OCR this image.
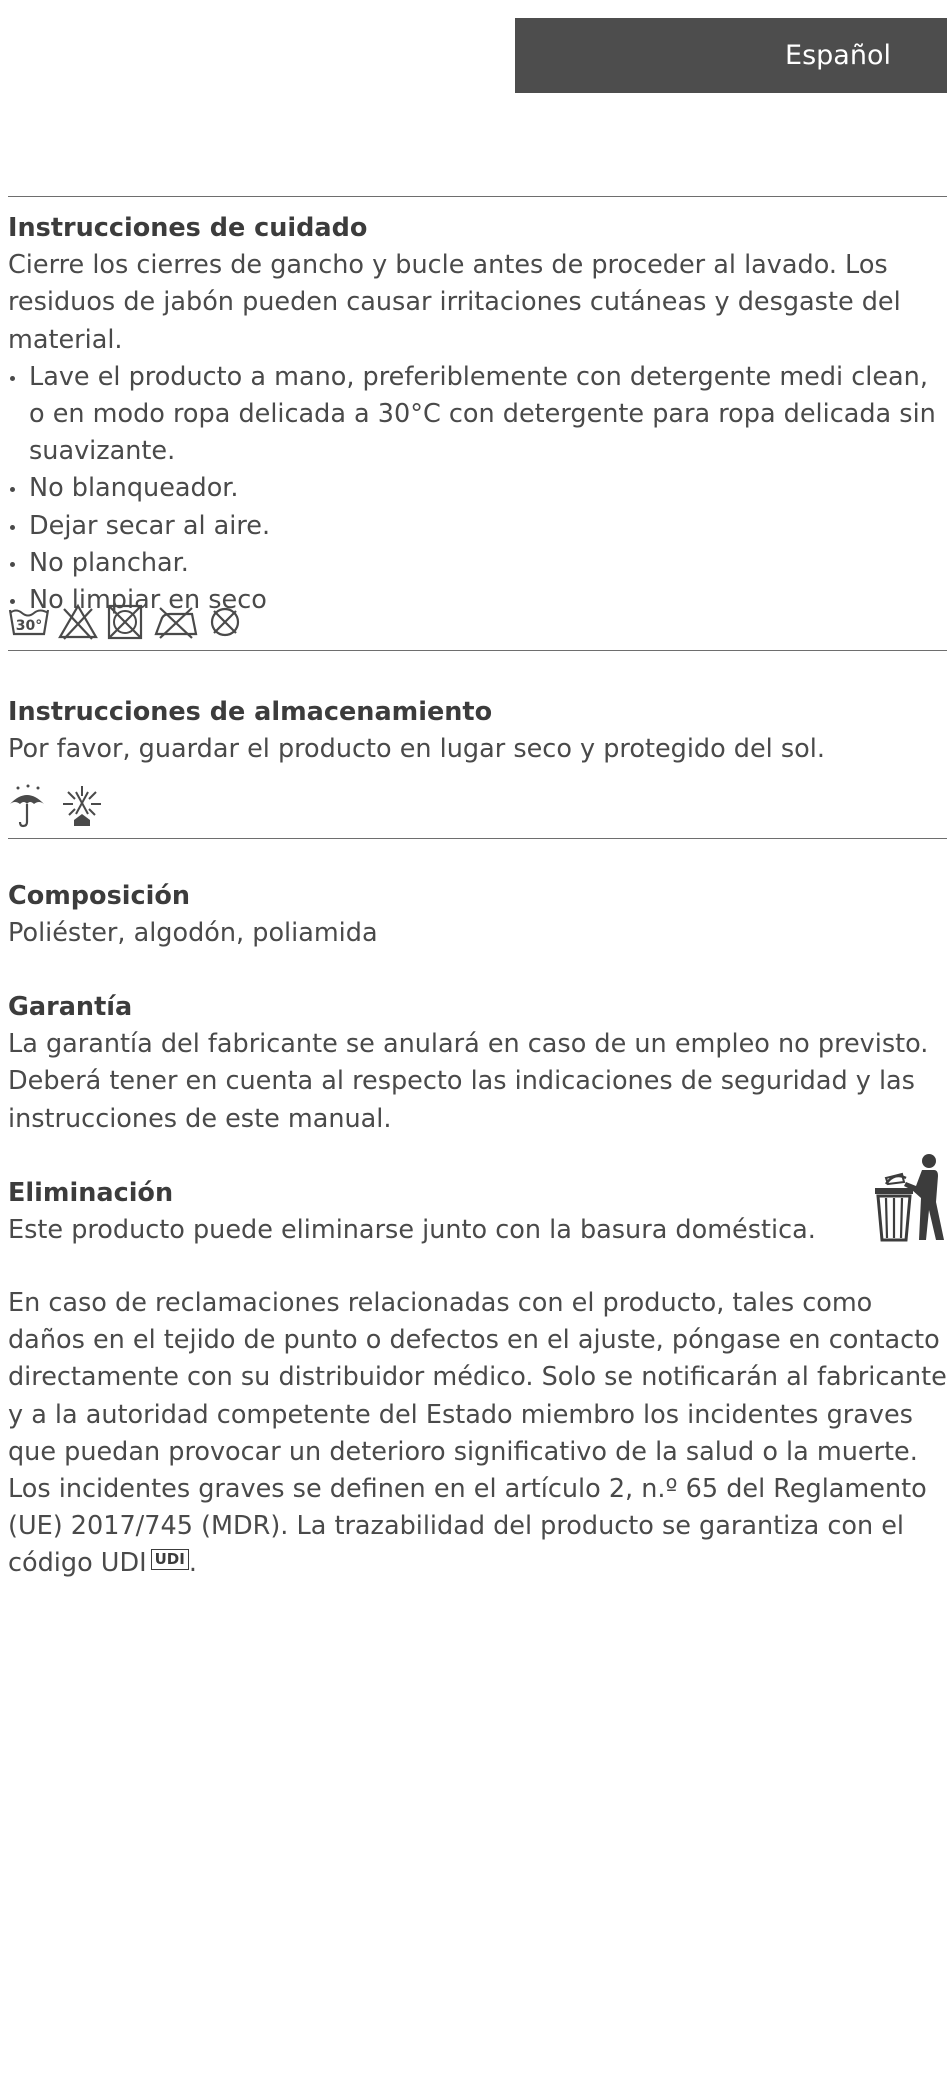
Español
Instrucciones de cuidado
Cierre los cierres de gancho y bucle antes de proceder al lavado. Los residuos de jabón pueden causar irritaciones cutáneas y desgaste del material.
Lave el producto a mano, preferiblemente con detergente medi clean, o en modo ropa delicada a 30°C con detergente para ropa delicada sin suavizante.
No blanqueador.
Dejar secar al aire.
No planchar.
No limpiar en seco
30°
Instrucciones de almacenamiento
Por favor, guardar el producto en lugar seco y protegido del sol.
Composición
Poliéster, algodón, poliamida
Garantía
La garantía del fabricante se anulará en caso de un empleo no previsto. Deberá tener en cuenta al respecto las indicaciones de seguridad y las instrucciones de este manual.
Eliminación
Este producto puede eliminarse junto con la basura doméstica.
En caso de reclamaciones relacionadas con el producto, tales como daños en el tejido de punto o defectos en el ajuste, póngase en contacto directamente con su distribuidor médico. Solo se notificarán al fabricante y a la autoridad competente del Estado miembro los incidentes graves que puedan provocar un deterioro significativo de la salud o la muerte. Los incidentes graves se definen en el artículo 2, n.º 65 del Reglamento (UE) 2017/745 (MDR). La trazabilidad del producto se garantiza con el código UDI UDI .
